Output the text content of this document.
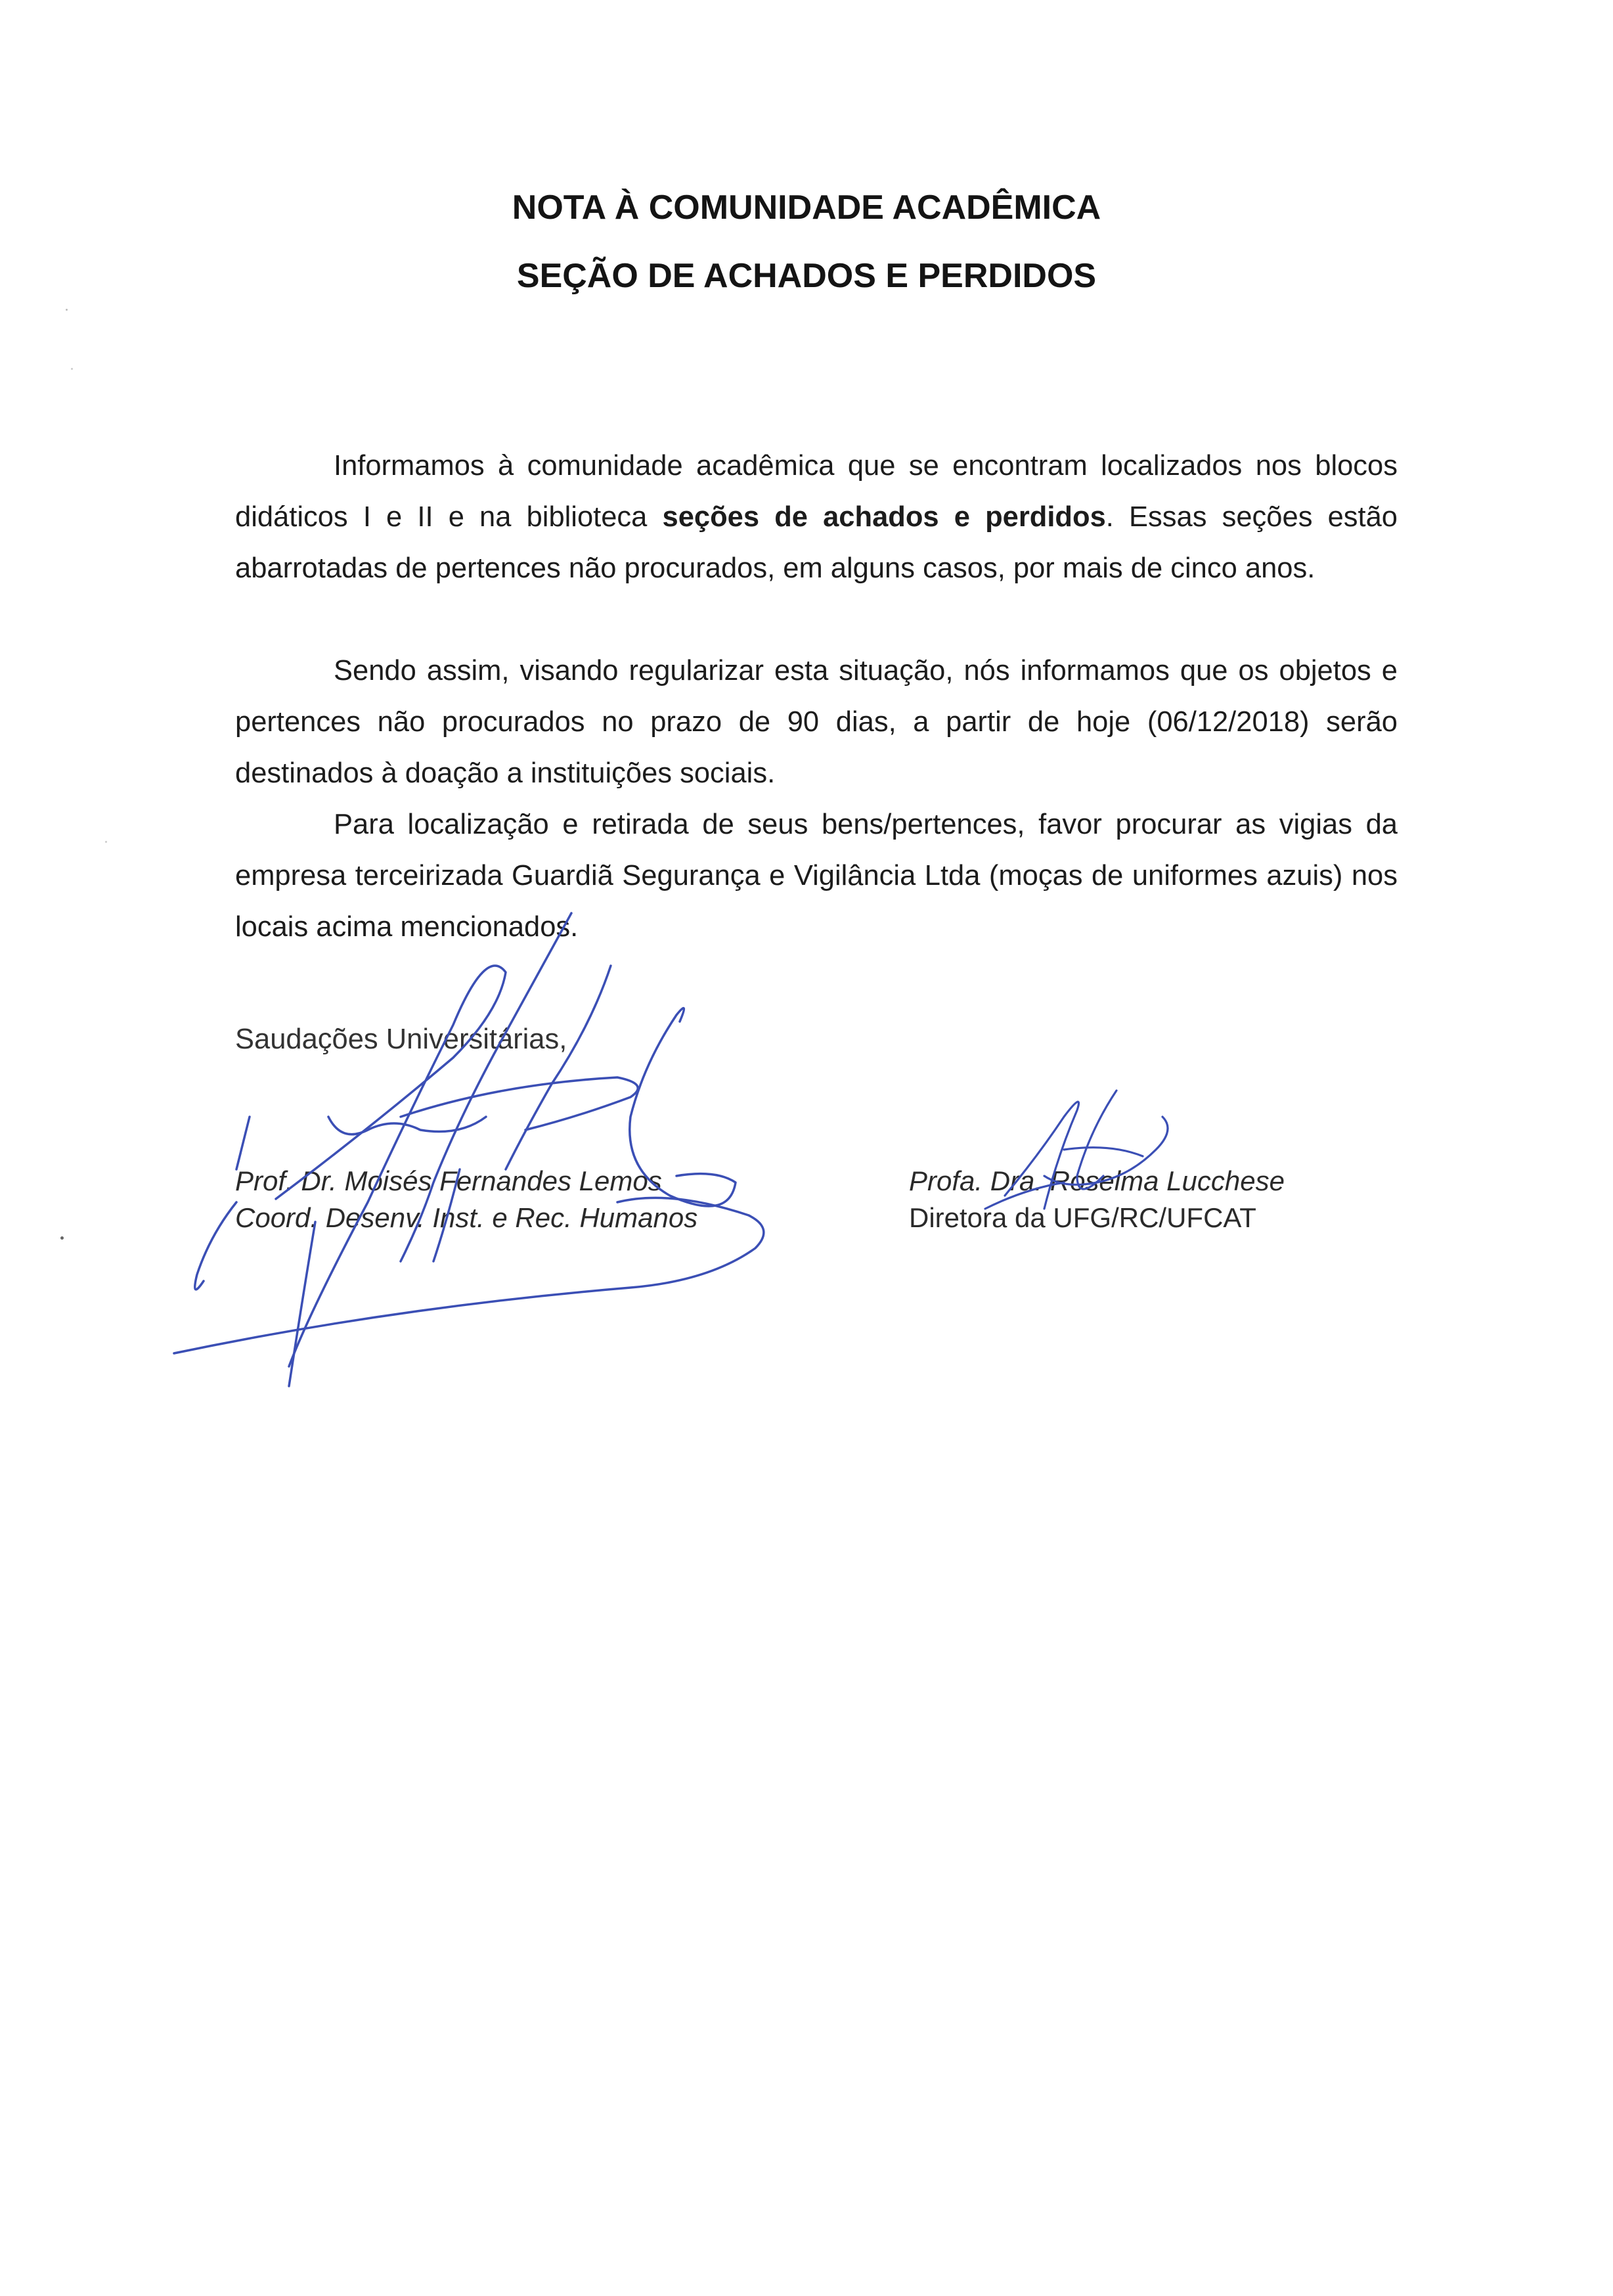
NOTA À COMUNIDADE ACADÊMICA
SEÇÃO DE ACHADOS E PERDIDOS

Informamos à comunidade acadêmica que se encontram localizados nos blocos didáticos I e II e na biblioteca seções de achados e perdidos. Essas seções estão abarrotadas de pertences não procurados, em alguns casos, por mais de cinco anos.

Sendo assim, visando regularizar esta situação, nós informamos que os objetos e pertences não procurados no prazo de 90 dias, a partir de hoje (06/12/2018) serão destinados à doação a instituições sociais.

Para localização e retirada de seus bens/pertences, favor procurar as vigias da empresa terceirizada Guardiã Segurança e Vigilância Ltda (moças de uniformes azuis) nos locais acima mencionados.

Saudações Universitárias,

Prof. Dr. Moisés Fernandes Lemos
Coord. Desenv. Inst. e Rec. Humanos
Profa. Dra. Roselma Lucchese
Diretora da UFG/RC/UFCAT
